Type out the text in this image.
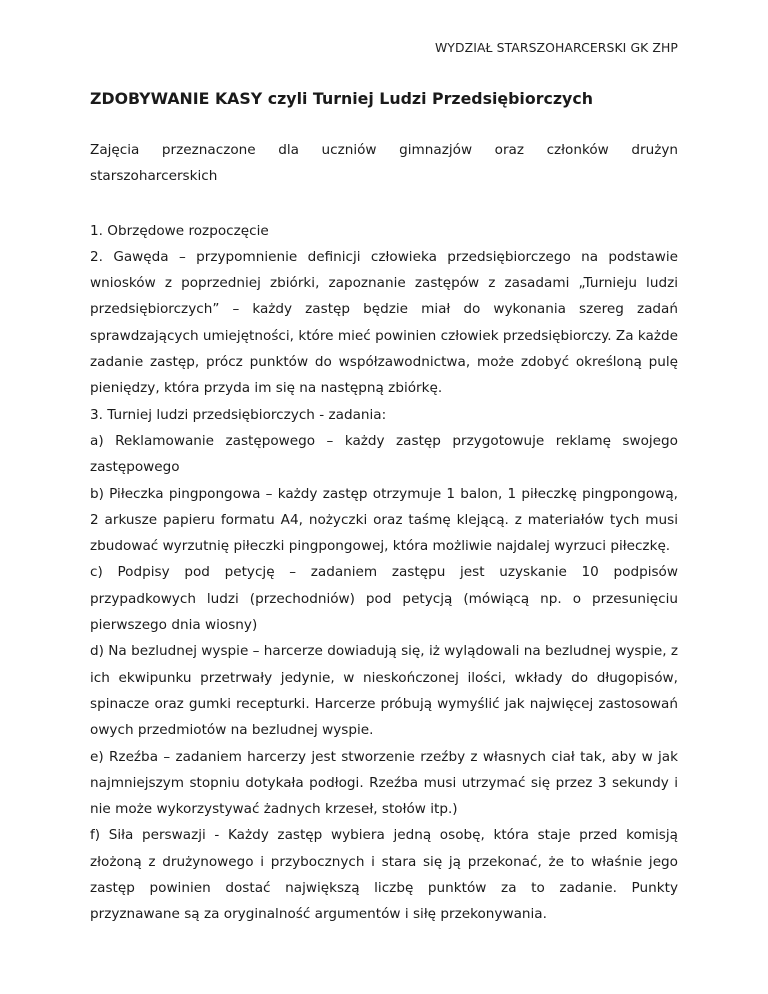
WYDZIAŁ STARSZOHARCERSKI GK ZHP
ZDOBYWANIE KASY czyli Turniej Ludzi Przedsiębiorczych

Zajęcia przeznaczone dla uczniów gimnazjów oraz członków drużyn starszoharcerskich

1. Obrzędowe rozpoczęcie

2. Gawęda – przypomnienie definicji człowieka przedsiębiorczego na podstawie wniosków z poprzedniej zbiórki, zapoznanie zastępów z zasadami „Turnieju ludzi przedsiębiorczych” – każdy zastęp będzie miał do wykonania szereg zadań sprawdzających umiejętności, które mieć powinien człowiek przedsiębiorczy. Za każde zadanie zastęp, prócz punktów do współzawodnictwa, może zdobyć określoną pulę pieniędzy, która przyda im się na następną zbiórkę.

3. Turniej ludzi przedsiębiorczych - zadania:

a) Reklamowanie zastępowego – każdy zastęp przygotowuje reklamę swojego zastępowego

b) Piłeczka pingpongowa – każdy zastęp otrzymuje 1 balon, 1 piłeczkę pingpongową, 2 arkusze papieru formatu A4, nożyczki oraz taśmę klejącą. z materiałów tych musi zbudować wyrzutnię piłeczki pingpongowej, która możliwie najdalej wyrzuci piłeczkę.

c) Podpisy pod petycję – zadaniem zastępu jest uzyskanie 10 podpisów przypadkowych ludzi (przechodniów) pod petycją (mówiącą np. o przesunięciu pierwszego dnia wiosny)

d) Na bezludnej wyspie – harcerze dowiadują się, iż wylądowali na bezludnej wyspie, z ich ekwipunku przetrwały jedynie, w nieskończonej ilości, wkłady do długopisów, spinacze oraz gumki recepturki. Harcerze próbują wymyślić jak najwięcej zastosowań owych przedmiotów na bezludnej wyspie.

e) Rzeźba – zadaniem harcerzy jest stworzenie rzeźby z własnych ciał tak, aby w jak najmniejszym stopniu dotykała podłogi. Rzeźba musi utrzymać się przez 3 sekundy i nie może wykorzystywać żadnych krzeseł, stołów itp.)

f) Siła perswazji - Każdy zastęp wybiera jedną osobę, która staje przed komisją złożoną z drużynowego i przybocznych i stara się ją przekonać, że to właśnie jego zastęp powinien dostać największą liczbę punktów za to zadanie. Punkty przyznawane są za oryginalność argumentów i siłę przekonywania.
